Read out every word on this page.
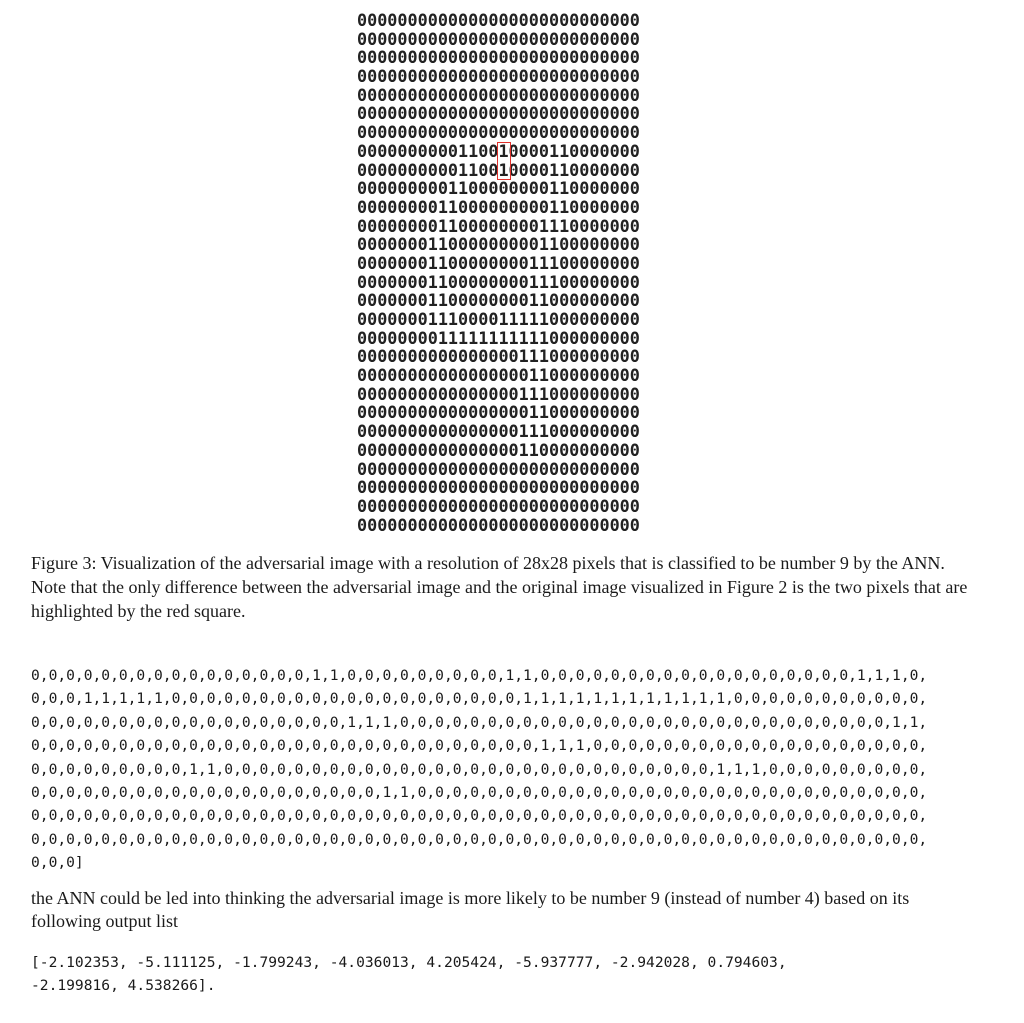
0000000000000000000000000000
0000000000000000000000000000
0000000000000000000000000000
0000000000000000000000000000
0000000000000000000000000000
0000000000000000000000000000
0000000000000000000000000000
0000000000110010000110000000
0000000000110010000110000000
0000000001100000000110000000
0000000011000000000110000000
0000000011000000001110000000
0000000110000000001100000000
0000000110000000011100000000
0000000110000000011100000000
0000000110000000011000000000
0000000111000011111000000000
0000000011111111111000000000
0000000000000000111000000000
0000000000000000011000000000
0000000000000000111000000000
0000000000000000011000000000
0000000000000000111000000000
0000000000000000110000000000
0000000000000000000000000000
0000000000000000000000000000
0000000000000000000000000000
0000000000000000000000000000

Figure 3: Visualization of the adversarial image with a resolution of 28x28 pixels that is classified to be number 9 by the ANN. Note that the only difference between the adversarial image and the original image visualized in Figure 2 is the two pixels that are highlighted by the red square.

0,0,0,0,0,0,0,0,0,0,0,0,0,0,0,0,1,1,0,0,0,0,0,0,0,0,0,1,1,0,0,0,0,0,0,0,0,0,0,0,0,0,0,0,0,0,0,1,1,1,0,
0,0,0,1,1,1,1,1,0,0,0,0,0,0,0,0,0,0,0,0,0,0,0,0,0,0,0,0,1,1,1,1,1,1,1,1,1,1,1,1,0,0,0,0,0,0,0,0,0,0,0,
0,0,0,0,0,0,0,0,0,0,0,0,0,0,0,0,0,0,1,1,1,0,0,0,0,0,0,0,0,0,0,0,0,0,0,0,0,0,0,0,0,0,0,0,0,0,0,0,0,1,1,
0,0,0,0,0,0,0,0,0,0,0,0,0,0,0,0,0,0,0,0,0,0,0,0,0,0,0,0,0,1,1,1,0,0,0,0,0,0,0,0,0,0,0,0,0,0,0,0,0,0,0,
0,0,0,0,0,0,0,0,0,1,1,0,0,0,0,0,0,0,0,0,0,0,0,0,0,0,0,0,0,0,0,0,0,0,0,0,0,0,0,1,1,1,0,0,0,0,0,0,0,0,0,
0,0,0,0,0,0,0,0,0,0,0,0,0,0,0,0,0,0,0,0,1,1,0,0,0,0,0,0,0,0,0,0,0,0,0,0,0,0,0,0,0,0,0,0,0,0,0,0,0,0,0,
0,0,0,0,0,0,0,0,0,0,0,0,0,0,0,0,0,0,0,0,0,0,0,0,0,0,0,0,0,0,0,0,0,0,0,0,0,0,0,0,0,0,0,0,0,0,0,0,0,0,0,
0,0,0,0,0,0,0,0,0,0,0,0,0,0,0,0,0,0,0,0,0,0,0,0,0,0,0,0,0,0,0,0,0,0,0,0,0,0,0,0,0,0,0,0,0,0,0,0,0,0,0,
0,0,0]

the ANN could be led into thinking the adversarial image is more likely to be number 9 (instead of number 4) based on its following output list

[-2.102353, -5.111125, -1.799243, -4.036013, 4.205424, -5.937777, -2.942028, 0.794603,
-2.199816, 4.538266].
